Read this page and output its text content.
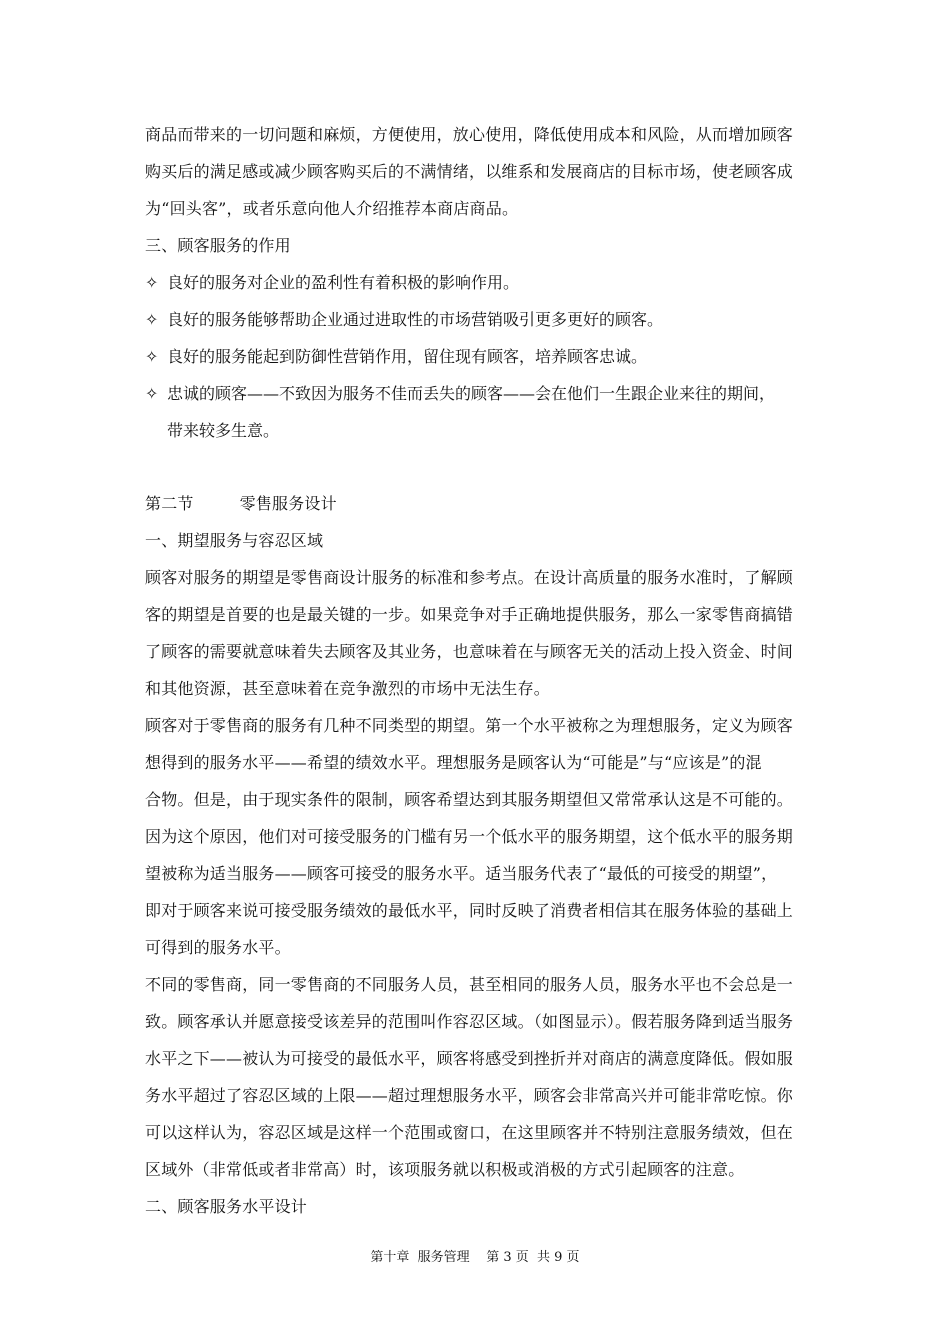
商品而带来的一切问题和麻烦，方便使用，放心使用，降低使用成本和风险，从而增加顾客
购买后的满足感或减少顾客购买后的不满情绪，以维系和发展商店的目标市场，使老顾客成
为“回头客”，或者乐意向他人介绍推荐本商店商品。
三、顾客服务的作用
✧ 良好的服务对企业的盈利性有着积极的影响作用。
✧ 良好的服务能够帮助企业通过进取性的市场营销吸引更多更好的顾客。
✧ 良好的服务能起到防御性营销作用，留住现有顾客，培养顾客忠诚。
✧ 忠诚的顾客——不致因为服务不佳而丢失的顾客——会在他们一生跟企业来往的期间，
带来较多生意。
第二节	零售服务设计
一、期望服务与容忍区域
顾客对服务的期望是零售商设计服务的标准和参考点。在设计高质量的服务水准时，了解顾
客的期望是首要的也是最关键的一步。如果竞争对手正确地提供服务，那么一家零售商搞错
了顾客的需要就意味着失去顾客及其业务，也意味着在与顾客无关的活动上投入资金、时间
和其他资源，甚至意味着在竞争激烈的市场中无法生存。
顾客对于零售商的服务有几种不同类型的期望。第一个水平被称之为理想服务，定义为顾客
想得到的服务水平——希望的绩效水平。理想服务是顾客认为“可能是”与“应该是”的混
合物。但是，由于现实条件的限制，顾客希望达到其服务期望但又常常承认这是不可能的。
因为这个原因，他们对可接受服务的门槛有另一个低水平的服务期望，这个低水平的服务期
望被称为适当服务——顾客可接受的服务水平。适当服务代表了“最低的可接受的期望”，
即对于顾客来说可接受服务绩效的最低水平，同时反映了消费者相信其在服务体验的基础上
可得到的服务水平。
不同的零售商，同一零售商的不同服务人员，甚至相同的服务人员，服务水平也不会总是一
致。顾客承认并愿意接受该差异的范围叫作容忍区域。（如图显示）。假若服务降到适当服务
水平之下——被认为可接受的最低水平，顾客将感受到挫折并对商店的满意度降低。假如服
务水平超过了容忍区域的上限——超过理想服务水平，顾客会非常高兴并可能非常吃惊。你
可以这样认为，容忍区域是这样一个范围或窗口，在这里顾客并不特别注意服务绩效，但在
区域外（非常低或者非常高）时，该项服务就以积极或消极的方式引起顾客的注意。
二、顾客服务水平设计
第十章  服务管理    第 3 页  共 9 页
